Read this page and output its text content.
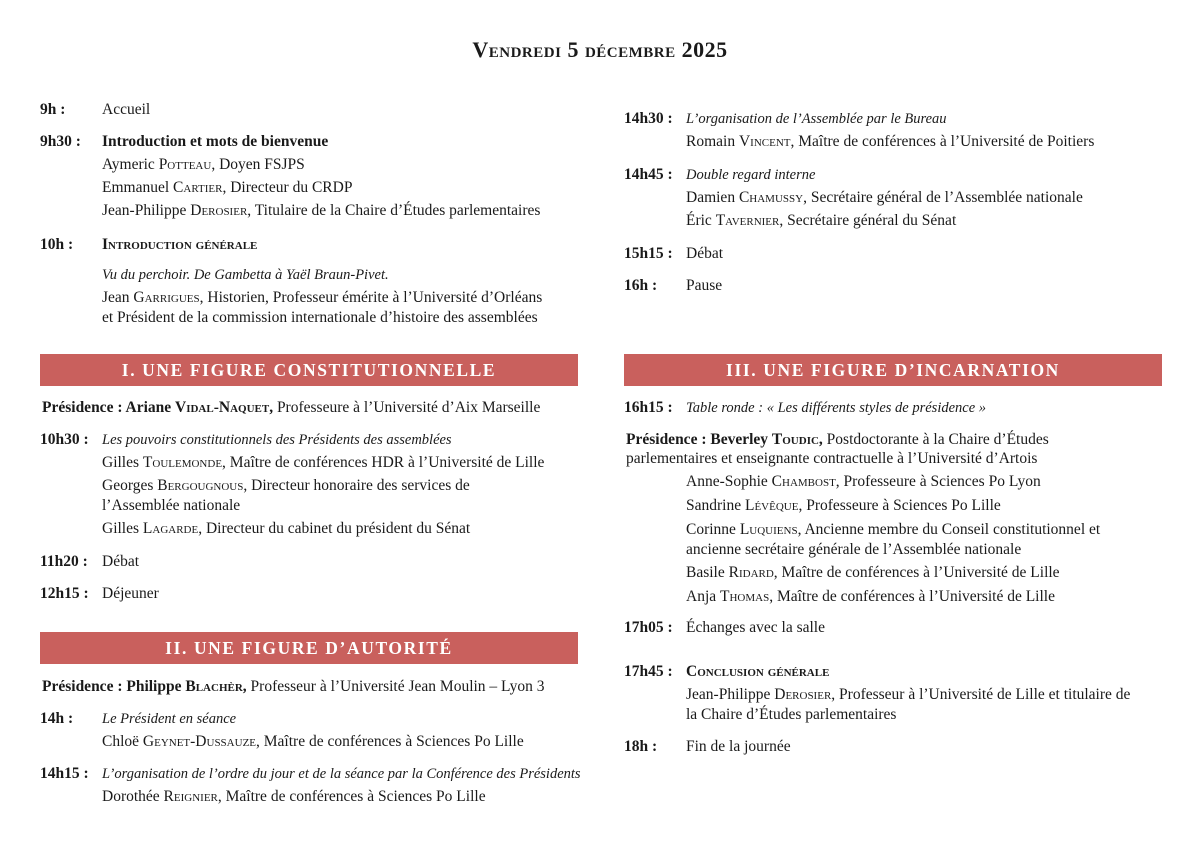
Vendredi 5 décembre 2025
9h : Accueil
9h30 : Introduction et mots de bienvenue
Aymeric Potteau, Doyen FSJPS
Emmanuel Cartier, Directeur du CRDP
Jean-Philippe Derosier, Titulaire de la Chaire d’Études parlementaires
10h : Introduction générale
Vu du perchoir. De Gambetta à Yaël Braun-Pivet.
Jean Garrigues, Historien, Professeur émérite à l’Université d’Orléans
et Président de la commission internationale d’histoire des assemblées
I. UNE FIGURE CONSTITUTIONNELLE
Présidence : Ariane Vidal-Naquet, Professeure à l’Université d’Aix Marseille
10h30 : Les pouvoirs constitutionnels des Présidents des assemblées
Gilles Toulemonde, Maître de conférences HDR à l’Université de Lille
Georges Bergougnous, Directeur honoraire des services de
l’Assemblée nationale
Gilles Lagarde, Directeur du cabinet du président du Sénat
11h20 : Débat
12h15 : Déjeuner
II. UNE FIGURE D’AUTORITÉ
Présidence : Philippe Blachèr, Professeur à l’Université Jean Moulin – Lyon 3
14h : Le Président en séance
Chloë Geynet-Dussauze, Maître de conférences à Sciences Po Lille
14h15 : L’organisation de l’ordre du jour et de la séance par la Conférence des Présidents
Dorothée Reignier, Maître de conférences à Sciences Po Lille
14h30 : L’organisation de l’Assemblée par le Bureau
Romain Vincent, Maître de conférences à l’Université de Poitiers
14h45 : Double regard interne
Damien Chamussy, Secrétaire général de l’Assemblée nationale
Éric Tavernier, Secrétaire général du Sénat
15h15 : Débat
16h : Pause
III. UNE FIGURE D’INCARNATION
16h15 : Table ronde : « Les différents styles de présidence »
Présidence : Beverley Toudic, Postdoctorante à la Chaire d’Études
parlementaires et enseignante contractuelle à l’Université d’Artois
Anne-Sophie Chambost, Professeure à Sciences Po Lyon
Sandrine Lévêque, Professeure à Sciences Po Lille
Corinne Luquiens, Ancienne membre du Conseil constitutionnel et
ancienne secrétaire générale de l’Assemblée nationale
Basile Ridard, Maître de conférences à l’Université de Lille
Anja Thomas, Maître de conférences à l’Université de Lille
17h05 : Échanges avec la salle
17h45 : Conclusion générale
Jean-Philippe Derosier, Professeur à l’Université de Lille et titulaire de
la Chaire d’Études parlementaires
18h : Fin de la journée
